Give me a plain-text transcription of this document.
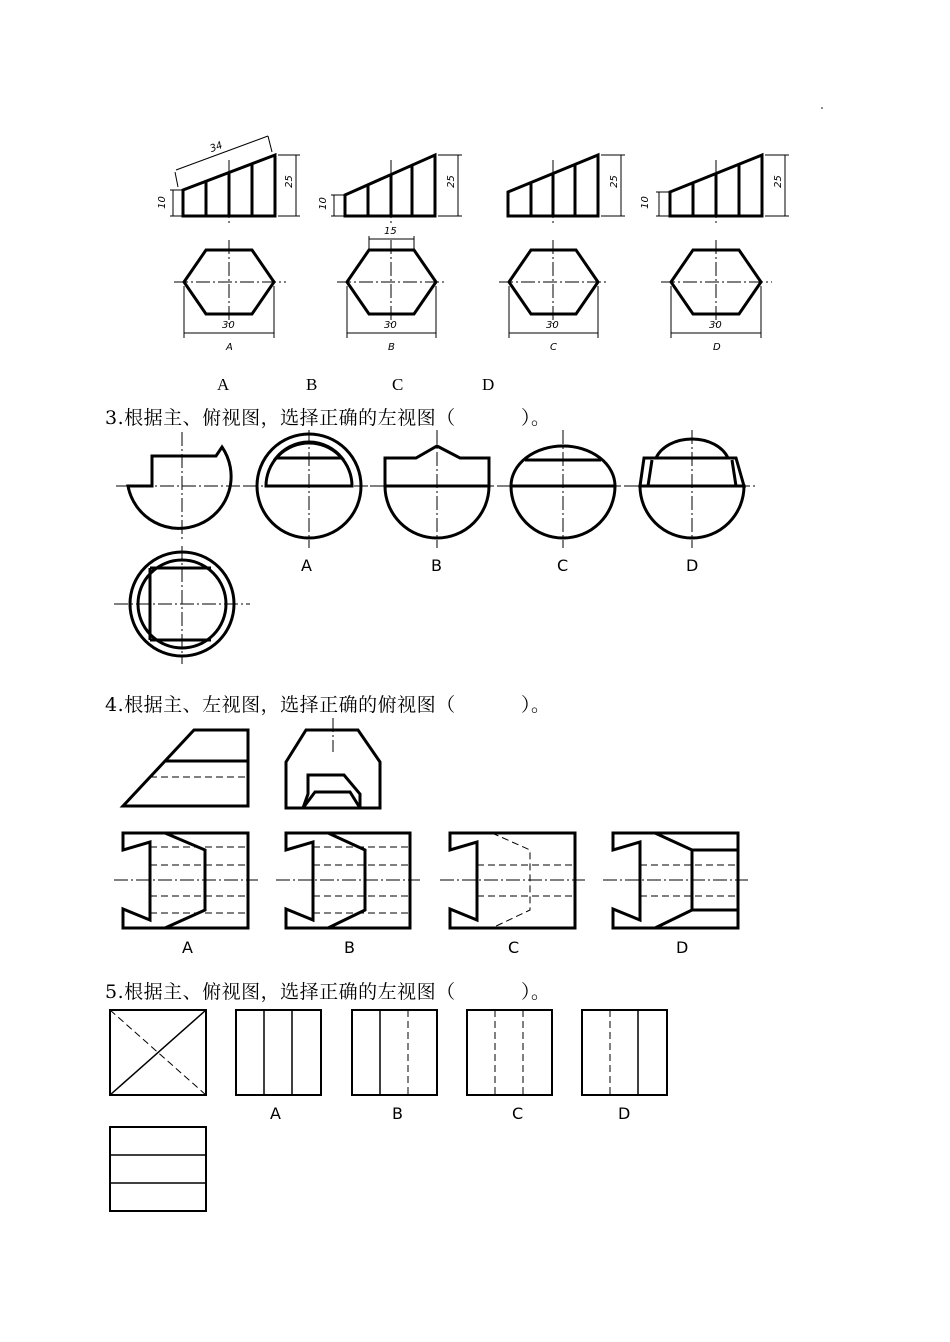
34
10
25
10
25	25
10
25
15
30	30	30	30
A	B	C	D
A	B	C	D
3.根据主、俯视图，选择正确的左视图（          ）。
A	B	C	D
4.根据主、左视图，选择正确的俯视图（          ）。
A	B	C	D
5.根据主、俯视图，选择正确的左视图（          ）。
A	B	C	D
